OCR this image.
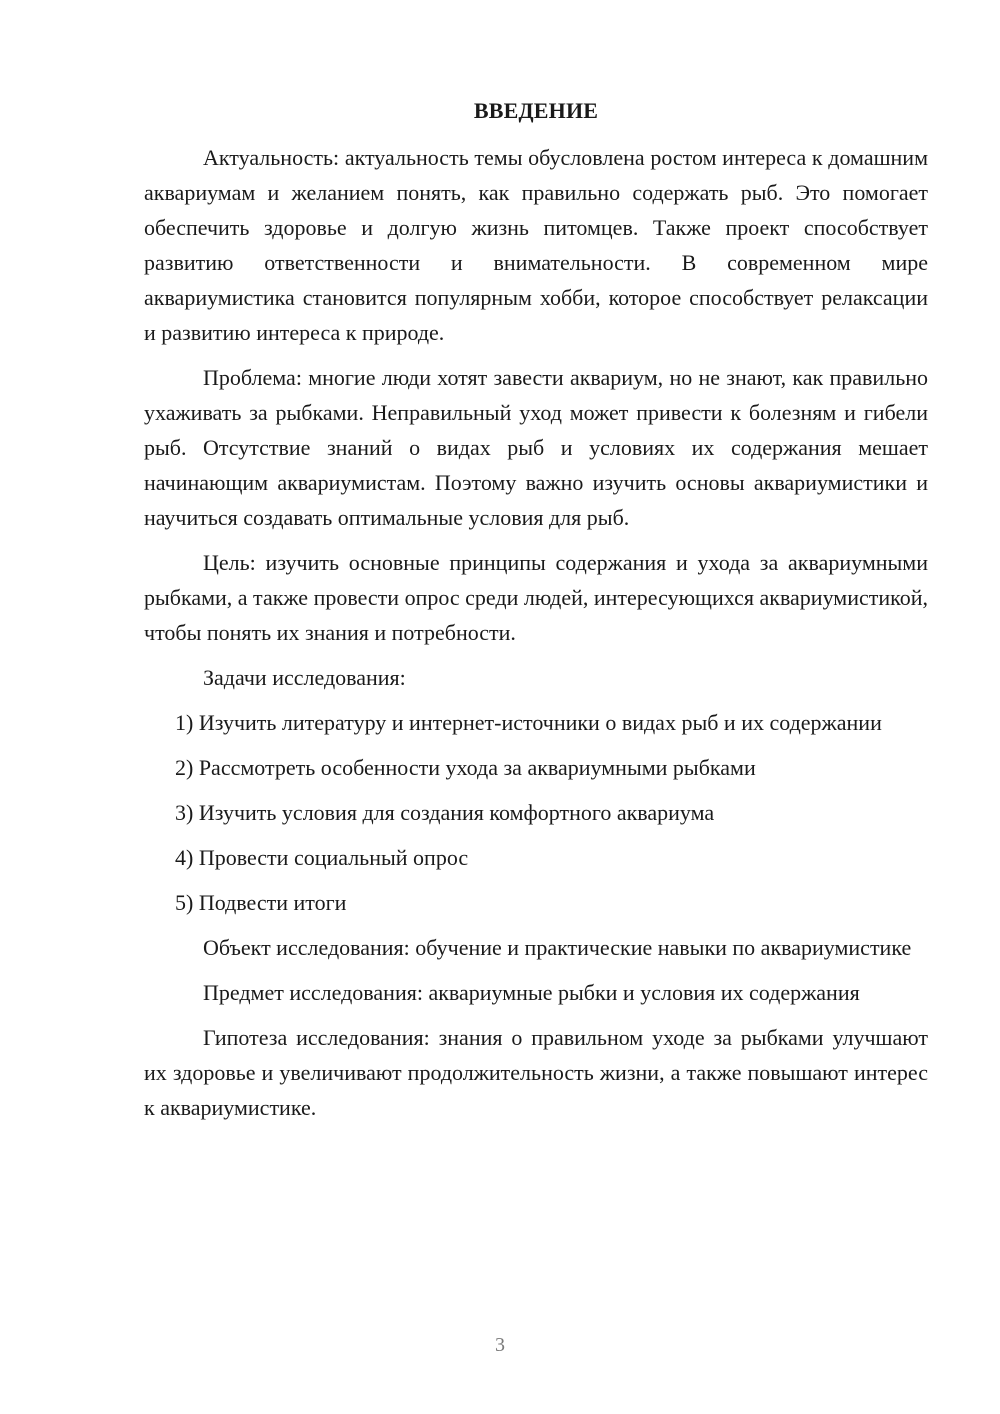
ВВЕДЕНИЕ

Актуальность: актуальность темы обусловлена ростом интереса к домашним аквариумам и желанием понять, как правильно содержать рыб. Это помогает обеспечить здоровье и долгую жизнь питомцев. Также проект способствует развитию ответственности и внимательности. В современном мире аквариумистика становится популярным хобби, которое способствует релаксации и развитию интереса к природе.

Проблема: многие люди хотят завести аквариум, но не знают, как правильно ухаживать за рыбками. Неправильный уход может привести к болезням и гибели рыб. Отсутствие знаний о видах рыб и условиях их содержания мешает начинающим аквариумистам. Поэтому важно изучить основы аквариумистики и научиться создавать оптимальные условия для рыб.

Цель: изучить основные принципы содержания и ухода за аквариумными рыбками, а также провести опрос среди людей, интересующихся аквариумистикой, чтобы понять их знания и потребности.

Задачи исследования:

1) Изучить литературу и интернет-источники о видах рыб и их содержании
2) Рассмотреть особенности ухода за аквариумными рыбками
3) Изучить условия для создания комфортного аквариума
4) Провести социальный опрос
5) Подвести итоги

Объект исследования: обучение и практические навыки по аквариумистике

Предмет исследования: аквариумные рыбки и условия их содержания

Гипотеза исследования: знания о правильном уходе за рыбками улучшают их здоровье и увеличивают продолжительность жизни, а также повышают интерес к аквариумистике.

3
